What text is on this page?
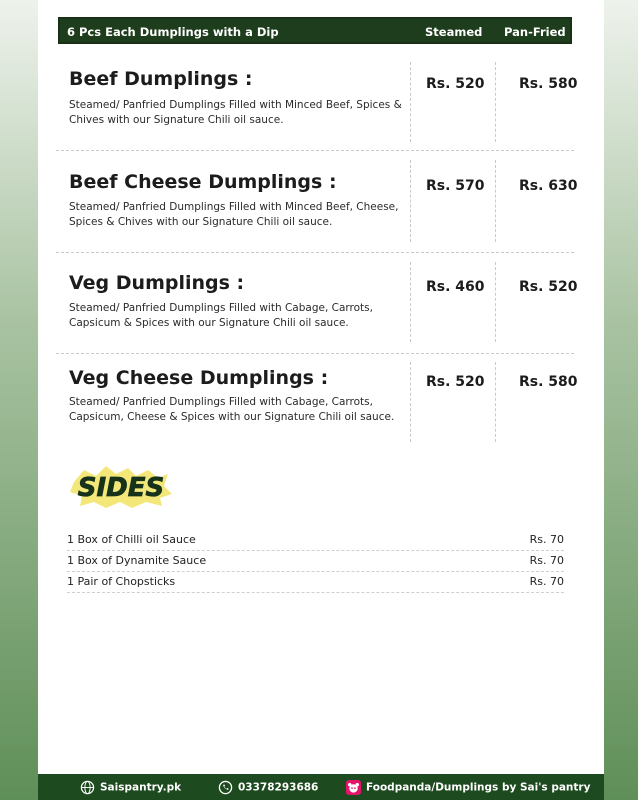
6 Pcs Each Dumplings with a Dip	Steamed Pan-Fried
Beef Dumplings :
Steamed/ Panfried Dumplings Filled with Minced Beef, Spices & Chives with our Signature Chili oil sauce.
Rs. 520 Rs. 580
Beef Cheese Dumplings :
Steamed/ Panfried Dumplings Filled with Minced Beef, Cheese, Spices & Chives with our Signature Chili oil sauce.
Rs. 570 Rs. 630
Veg Dumplings :
Steamed/ Panfried Dumplings Filled with Cabage, Carrots, Capsicum & Spices with our Signature Chili oil sauce.
Rs. 460 Rs. 520
Veg Cheese Dumplings :
Steamed/ Panfried Dumplings Filled with Cabage, Carrots, Capsicum, Cheese & Spices with our Signature Chili oil sauce.
Rs. 520 Rs. 580
SIDES
1 Box of Chilli oil Sauce	Rs. 70
1 Box of Dynamite Sauce	Rs. 70
1 Pair of Chopsticks	Rs. 70
Saispantry.pk	03378293686	Foodpanda/Dumplings by Sai's pantry
